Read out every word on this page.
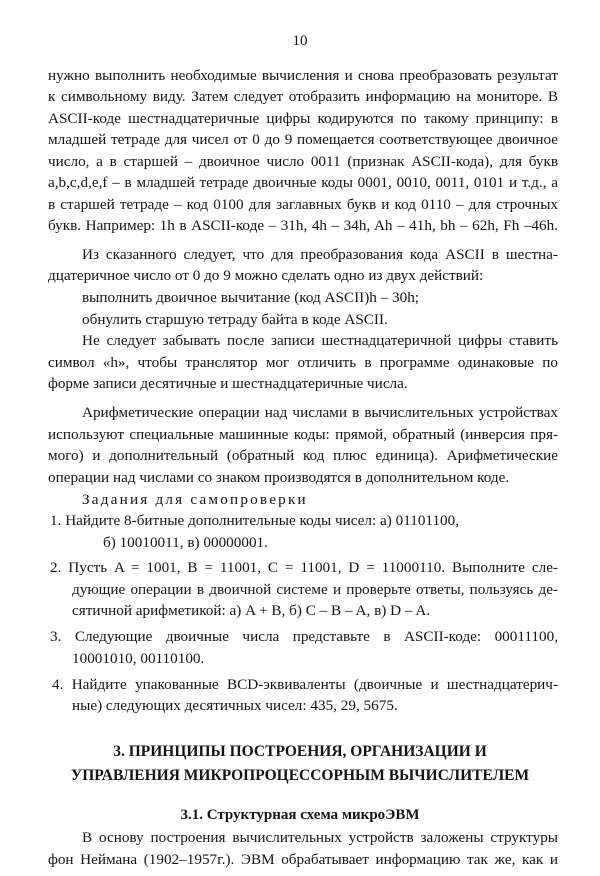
10
нужно выполнить необходимые вычисления и снова преобразовать результат
к символьному виду. Затем следует отобразить информацию на мониторе. В
ASCII-коде шестнадцатеричные цифры кодируются по такому принципу: в
младшей тетраде для чисел от 0 до 9 помещается соответствующее двоичное
число, а в старшей – двоичное число 0011 (признак ASCII-кода), для букв
a,b,c,d,e,f – в младшей тетраде двоичные коды 0001, 0010, 0011, 0101 и т.д., а
в старшей тетраде – код 0100 для заглавных букв и код 0110 – для строчных
букв. Например: 1h в ASCII-коде – 31h, 4h – 34h, Ah – 41h, bh – 62h, Fh –46h.
Из сказанного следует, что для преобразования кода ASCII в шестна-
дцатеричное число от 0 до 9 можно сделать одно из двух действий:
выполнить двоичное вычитание (код ASCII)h – 30h;
обнулить старшую тетраду байта в коде ASCII.
Не следует забывать после записи шестнадцатеричной цифры ставить
символ «h», чтобы транслятор мог отличить в программе одинаковые по
форме записи десятичные и шестнадцатеричные числа.
Арифметические операции над числами в вычислительных устройствах
используют специальные машинные коды: прямой, обратный (инверсия пря-
мого) и дополнительный (обратный код плюс единица). Арифметические
операции над числами со знаком производятся в дополнительном коде.
Задания для самопроверки
1. Найдите 8-битные дополнительные коды чисел: a) 01101100,
б) 10010011, в) 00000001.
2. Пусть A = 1001, B = 11001, C = 11001, D = 11000110. Выполните сле-
дующие операции в двоичной системе и проверьте ответы, пользуясь де-
сятичной арифметикой: а) A + B, б) C – B – A, в) D – A.
3. Следующие двоичные числа представьте в ASCII-коде: 00011100,
10001010, 00110100.
4. Найдите упакованные BCD-эквиваленты (двоичные и шестнадцатерич-
ные) следующих десятичных чисел: 435, 29, 5675.
3. ПРИНЦИПЫ ПОСТРОЕНИЯ, ОРГАНИЗАЦИИ И
УПРАВЛЕНИЯ МИКРОПРОЦЕССОРНЫМ ВЫЧИСЛИТЕЛЕМ
3.1. Структурная схема микроЭВМ
В основу построения вычислительных устройств заложены структуры
фон Неймана (1902–1957г.). ЭВМ обрабатывает информацию так же, как и
